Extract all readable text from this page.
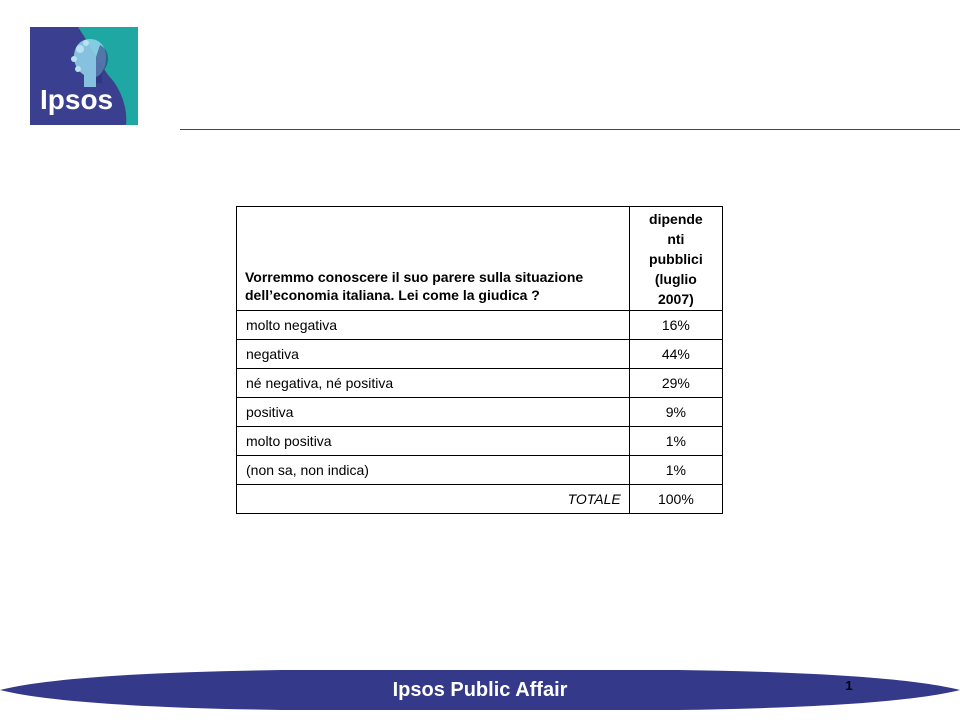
Ipsos
Vorremmo conoscere il suo parere sulla situazione dell’economia italiana. Lei come la giudica ?	dipende
nti
pubblici
(luglio
2007)
molto negativa	16%
negativa	44%
né negativa, né positiva	29%
positiva	9%
molto positiva	1%
(non sa, non indica)	1%
TOTALE	100%
Ipsos Public Affair	1
